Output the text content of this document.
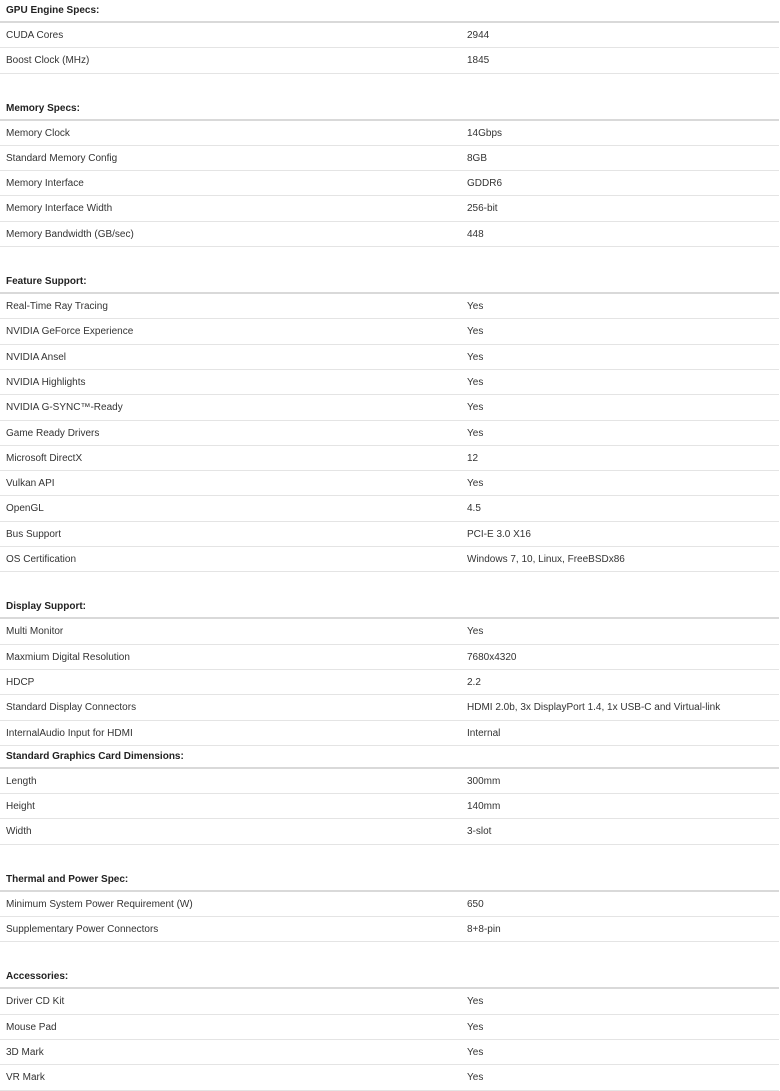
GPU Engine Specs:
CUDA Cores	2944
Boost Clock (MHz)	1845
Memory Specs:
Memory Clock	14Gbps
Standard Memory Config	8GB
Memory Interface	GDDR6
Memory Interface Width	256-bit
Memory Bandwidth (GB/sec)	448
Feature Support:
Real-Time Ray Tracing	Yes
NVIDIA GeForce Experience	Yes
NVIDIA Ansel	Yes
NVIDIA Highlights	Yes
NVIDIA G-SYNC™-Ready	Yes
Game Ready Drivers	Yes
Microsoft DirectX	12
Vulkan API	Yes
OpenGL	4.5
Bus Support	PCI-E 3.0 X16
OS Certification	Windows 7, 10, Linux, FreeBSDx86
Display Support:
Multi Monitor	Yes
Maxmium Digital Resolution	7680x4320
HDCP	2.2
Standard Display Connectors	HDMI 2.0b, 3x DisplayPort 1.4, 1x USB-C and Virtual-link
InternalAudio Input for HDMI	Internal
Standard Graphics Card Dimensions:
Length	300mm
Height	140mm
Width	3-slot
Thermal and Power Spec:
Minimum System Power Requirement (W)	650
Supplementary Power Connectors	8+8-pin
Accessories:
Driver CD Kit	Yes
Mouse Pad	Yes
3D Mark	Yes
VR Mark	Yes
